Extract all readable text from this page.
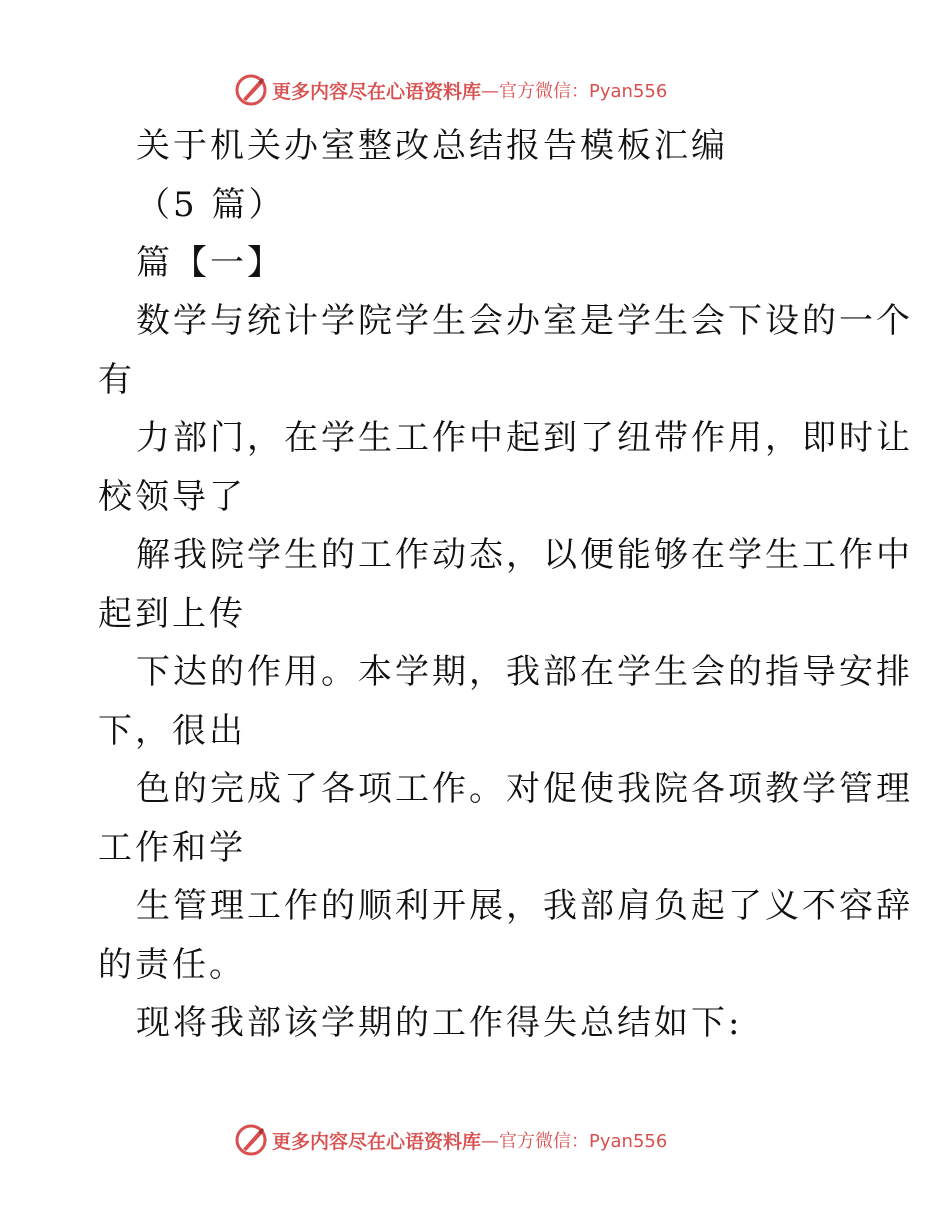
更多内容尽在心语资料库 —官方微信：Pyan556
关于机关办室整改总结报告模板汇编
（5 篇）
篇【一】
数学与统计学院学生会办室是学生会下设的一个
有
力部门，在学生工作中起到了纽带作用，即时让
校领导了
解我院学生的工作动态，以便能够在学生工作中
起到上传
下达的作用。本学期，我部在学生会的指导安排
下，很出
色的完成了各项工作。对促使我院各项教学管理
工作和学
生管理工作的顺利开展，我部肩负起了义不容辞
的责任。
现将我部该学期的工作得失总结如下:
更多内容尽在心语资料库 —官方微信：Pyan556
